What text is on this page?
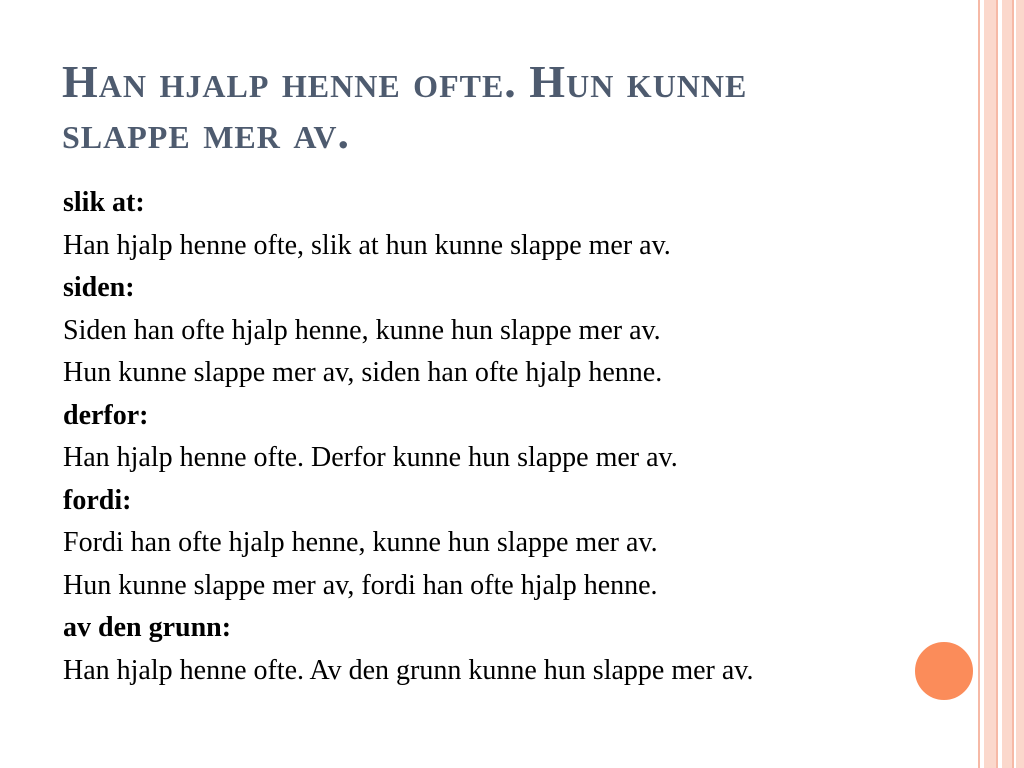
Han hjalp henne ofte. Hun kunne slappe mer av.
slik at:
Han hjalp henne ofte, slik at hun kunne slappe mer av.
siden:
Siden han ofte hjalp henne, kunne hun slappe mer av.
Hun kunne slappe mer av, siden han ofte hjalp henne.
derfor:
Han hjalp henne ofte. Derfor kunne hun slappe mer av.
fordi:
Fordi han ofte hjalp henne, kunne hun slappe mer av.
Hun kunne slappe mer av, fordi han ofte hjalp henne.
av den grunn:
Han hjalp henne ofte. Av den grunn kunne hun slappe mer av.
